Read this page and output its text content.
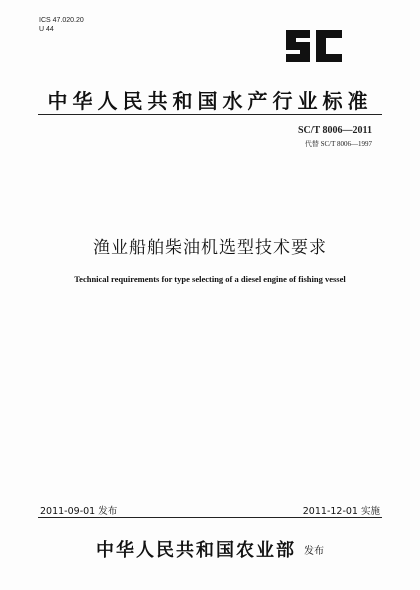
ICS 47.020.20
U 44
中华人民共和国水产行业标准
SC/T 8006—2011
代替 SC/T 8006—1997
渔业船舶柴油机选型技术要求
Technical requirements for type selecting of a diesel engine of fishing vessel
2011-09-01 发布	2011-12-01 实施
中华人民共和国农业部 发布
